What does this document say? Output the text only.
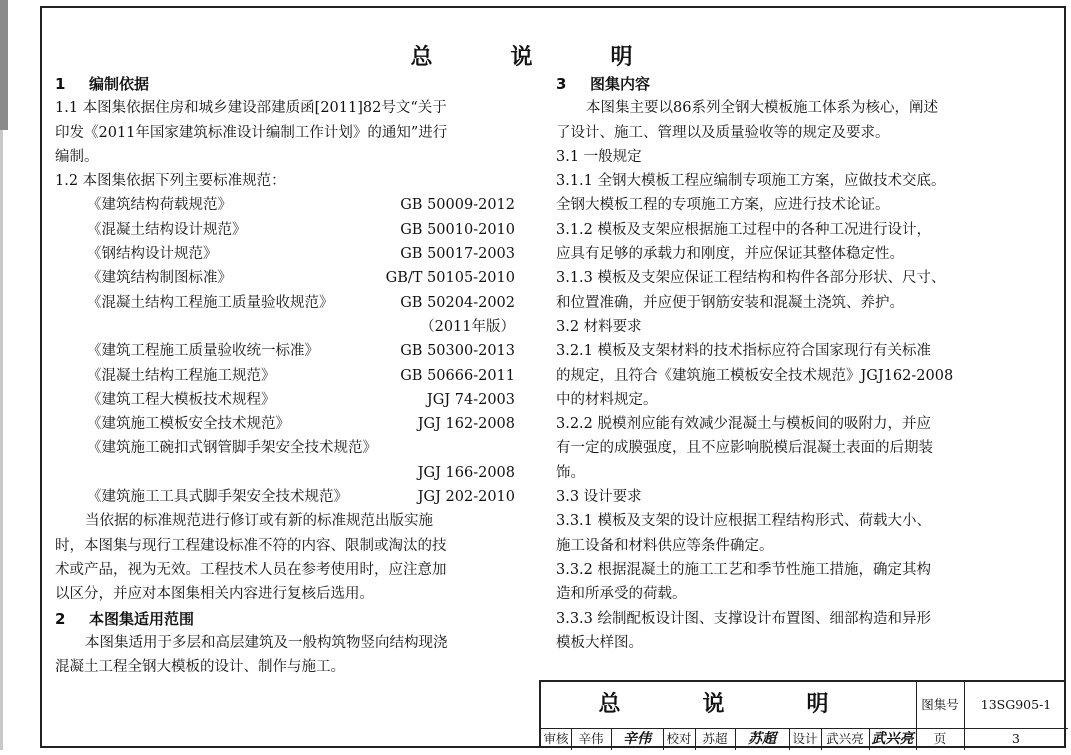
总　说　明
1 编制依据
1.1 本图集依据住房和城乡建设部建质函[2011]82号文“关于
印发《2011年国家建筑标准设计编制工作计划》的通知”进行
编制。
1.2 本图集依据下列主要标准规范：
《建筑结构荷载规范》	GB 50009-2012
《混凝土结构设计规范》	GB 50010-2010
《钢结构设计规范》	GB 50017-2003
《建筑结构制图标准》	GB/T 50105-2010
《混凝土结构工程施工质量验收规范》	GB 50204-2002
（2011年版）
《建筑工程施工质量验收统一标准》	GB 50300-2013
《混凝土结构工程施工规范》	GB 50666-2011
《建筑工程大模板技术规程》	JGJ 74-2003
《建筑施工模板安全技术规范》	JGJ 162-2008
《建筑施工碗扣式钢管脚手架安全技术规范》
JGJ 166-2008
《建筑施工工具式脚手架安全技术规范》	JGJ 202-2010
当依据的标准规范进行修订或有新的标准规范出版实施
时，本图集与现行工程建设标准不符的内容、限制或淘汰的技
术或产品，视为无效。工程技术人员在参考使用时，应注意加
以区分，并应对本图集相关内容进行复核后选用。
2 本图集适用范围
本图集适用于多层和高层建筑及一般构筑物竖向结构现浇
混凝土工程全钢大模板的设计、制作与施工。
3 图集内容
本图集主要以86系列全钢大模板施工体系为核心，阐述
了设计、施工、管理以及质量验收等的规定及要求。
3.1 一般规定
3.1.1 全钢大模板工程应编制专项施工方案，应做技术交底。
全钢大模板工程的专项施工方案，应进行技术论证。
3.1.2 模板及支架应根据施工过程中的各种工况进行设计，
应具有足够的承载力和刚度，并应保证其整体稳定性。
3.1.3 模板及支架应保证工程结构和构件各部分形状、尺寸、
和位置准确，并应便于钢筋安装和混凝土浇筑、养护。
3.2 材料要求
3.2.1 模板及支架材料的技术指标应符合国家现行有关标准
的规定，且符合《建筑施工模板安全技术规范》JGJ162-2008
中的材料规定。
3.2.2 脱模剂应能有效减少混凝土与模板间的吸附力，并应
有一定的成膜强度，且不应影响脱模后混凝土表面的后期装
饰。
3.3 设计要求
3.3.1 模板及支架的设计应根据工程结构形式、荷载大小、
施工设备和材料供应等条件确定。
3.3.2 根据混凝土的施工工艺和季节性施工措施，确定其构
造和所承受的荷载。
3.3.3 绘制配板设计图、支撑设计布置图、细部构造和异形
模板大样图。
总　说　明	图集号	13SG905-1
审核 辛伟	辛伟	校对 苏超	苏超	设计 武兴亮 武兴亮	页	3
